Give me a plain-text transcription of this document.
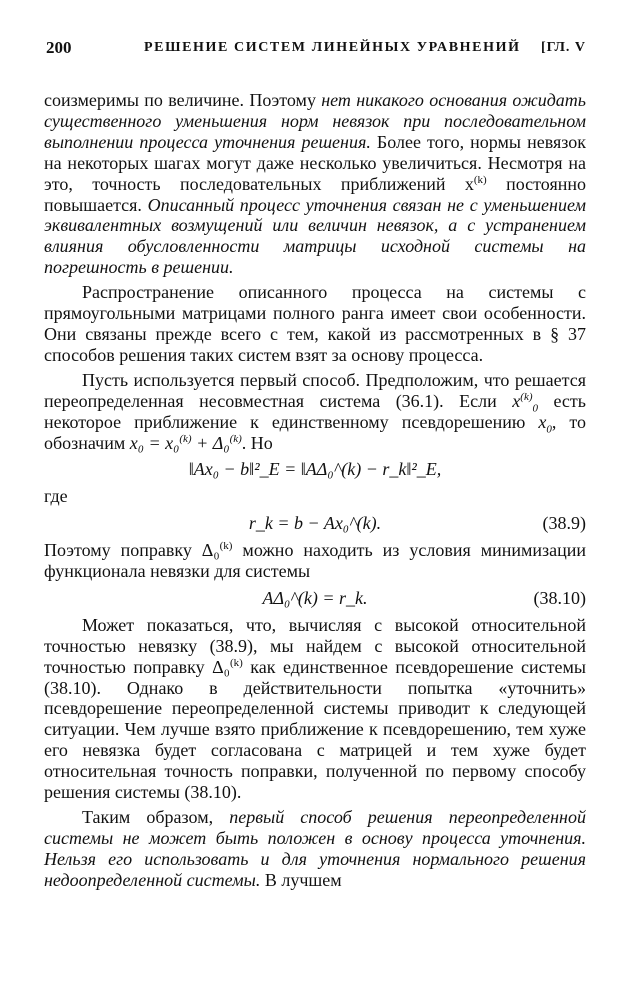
200	РЕШЕНИЕ СИСТЕМ ЛИНЕЙНЫХ УРАВНЕНИЙ [ГЛ. V

соизмеримы по величине. Поэтому нет никакого основания ожидать существенного уменьшения норм невязок при последовательном выполнении процесса уточнения решения. Более того, нормы невязок на некоторых шагах могут даже несколько увеличиться. Несмотря на это, точность последовательных приближений $x^{(k)}$ постоянно повышается. Описанный процесс уточнения связан не с уменьшением эквивалентных возмущений или величин невязок, а с устранением влияния обусловленности матрицы исходной системы на погрешность в решении.

Распространение описанного процесса на системы с прямоугольными матрицами полного ранга имеет свои особенности. Они связаны прежде всего с тем, какой из рассмотренных в § 37 способов решения таких систем взят за основу процесса.

Пусть используется первый способ. Предположим, что решается переопределенная несовместная система (36.1). Если $x^{(k)}_0$ есть некоторое приближение к единственному псевдорешению $x_0$, то обозначим x₀ = x₀$^{(k)}$ + Δ₀$^{(k)}$. Но

‖Ax₀ − b‖²_E = ‖AΔ₀^(k) − r_k‖²_E,
где
r_k = b − Ax₀^(k).	(38.9)

Поэтому поправку Δ₀$^{(k)}$ можно находить из условия минимизации функционала невязки для системы

AΔ₀^(k) = r_k.	(38.10)

Может показаться, что, вычисляя с высокой относительной точностью невязку (38.9), мы найдем с высокой относительной точностью поправку Δ₀$^{(k)}$ как единственное псевдорешение системы (38.10). Однако в действительности попытка «уточнить» псевдорешение переопределенной системы приводит к следующей ситуации. Чем лучше взято приближение к псевдорешению, тем хуже его невязка будет согласована с матрицей и тем хуже будет относительная точность поправки, полученной по первому способу решения системы (38.10).

Таким образом, первый способ решения переопределенной системы не может быть положен в основу процесса уточнения. Нельзя его использовать и для уточнения нормального решения недоопределенной системы. В лучшем
